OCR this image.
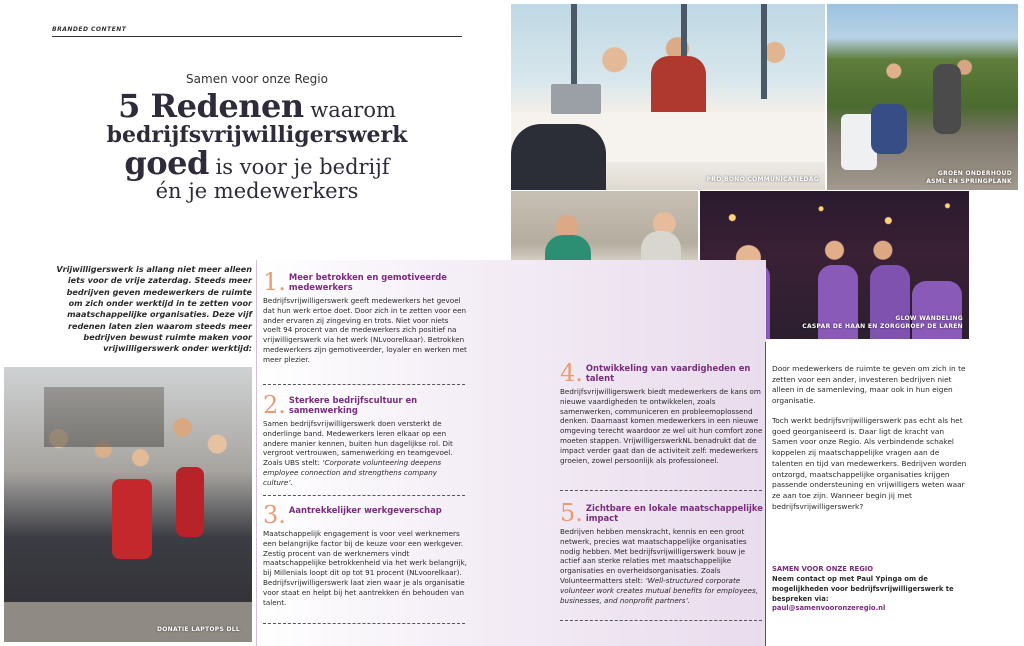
BRANDED CONTENT
Samen voor onze Regio
5 Redenen waarom
bedrijfsvrijwilligerswerk
goed is voor je bedrijf
én je medewerkers
Vrijwilligerswerk is allang niet meer alleen iets voor de vrije zaterdag. Steeds meer bedrijven geven medewerkers de ruimte om zich onder werktijd in te zetten voor maatschappelijke organisaties. Deze vijf redenen laten zien waarom steeds meer bedrijven bewust ruimte maken voor vrijwilligerswerk onder werktijd:
DONATIE LAPTOPS DLL
PRO BONO COMMUNICATIEDAG
GROEN ONDERHOUD
ASML EN SPRINGPLANK
GLOW WANDELING
CASPAR DE HAAN EN ZORGGROEP DE LAREN
1. Meer betrokken en gemotiveerde medewerkers
Bedrijfsvrijwilligerswerk geeft medewerkers het gevoel dat hun werk ertoe doet. Door zich in te zetten voor een ander ervaren zij zingeving en trots. Niet voor niets voelt 94 procent van de medewerkers zich positief na vrijwilligerswerk via het werk (NLvoorelkaar). Betrokken medewerkers zijn gemotiveerder, loyaler en werken met meer plezier.
2. Sterkere bedrijfscultuur en samenwerking
Samen bedrijfsvrijwilligerswerk doen versterkt de onderlinge band. Medewerkers leren elkaar op een andere manier kennen, buiten hun dagelijkse rol. Dit vergroot vertrouwen, samenwerking en teamgevoel. Zoals UBS stelt: ‘Corporate volunteering deepens employee connection and strengthens company culture’.
3. Aantrekkelijker werkgeverschap
Maatschappelijk engagement is voor veel werknemers een belangrijke factor bij de keuze voor een werkgever. Zestig procent van de werknemers vindt maatschappelijke betrokkenheid via het werk belangrijk, bij Millenials loopt dit op tot 91 procent (NLvoorelkaar). Bedrijfsvrijwilligerswerk laat zien waar je als organisatie voor staat en helpt bij het aantrekken én behouden van talent.
4. Ontwikkeling van vaardigheden en talent
Bedrijfsvrijwilligerswerk biedt medewerkers de kans om nieuwe vaardigheden te ontwikkelen, zoals samenwerken, communiceren en probleemoplossend denken. Daarnaast komen medewerkers in een nieuwe omgeving terecht waardoor ze wel uit hun comfort zone moeten stappen. VrijwilligerswerkNL benadrukt dat de impact verder gaat dan de activiteit zelf: medewerkers groeien, zowel persoonlijk als professioneel.
5. Zichtbare en lokale maatschappelijke impact
Bedrijven hebben menskracht, kennis en een groot netwerk, precies wat maatschappelijke organisaties nodig hebben. Met bedrijfsvrijwilligerswerk bouw je actief aan sterke relaties met maatschappelijke organisaties en overheidsorganisaties. Zoals Volunteermatters stelt: ‘Well-structured corporate volunteer work creates mutual benefits for employees, businesses, and nonprofit partners’.

Door medewerkers de ruimte te geven om zich in te zetten voor een ander, investeren bedrijven niet alleen in de samenleving, maar ook in hun eigen organisatie.

Toch werkt bedrijfsvrijwilligerswerk pas echt als het goed georganiseerd is. Daar ligt de kracht van Samen voor onze Regio. Als verbindende schakel koppelen zij maatschappelijke vragen aan de talenten en tijd van medewerkers. Bedrijven worden ontzorgd, maatschappelijke organisaties krijgen passende ondersteuning en vrijwilligers weten waar ze aan toe zijn. Wanneer begin jij met bedrijfsvrijwilligerswerk?

SAMEN VOOR ONZE REGIO
Neem contact op met Paul Ypinga om de mogelijkheden voor bedrijfsvrijwilligerswerk te bespreken via:
paul@samenvooronzeregio.nl
